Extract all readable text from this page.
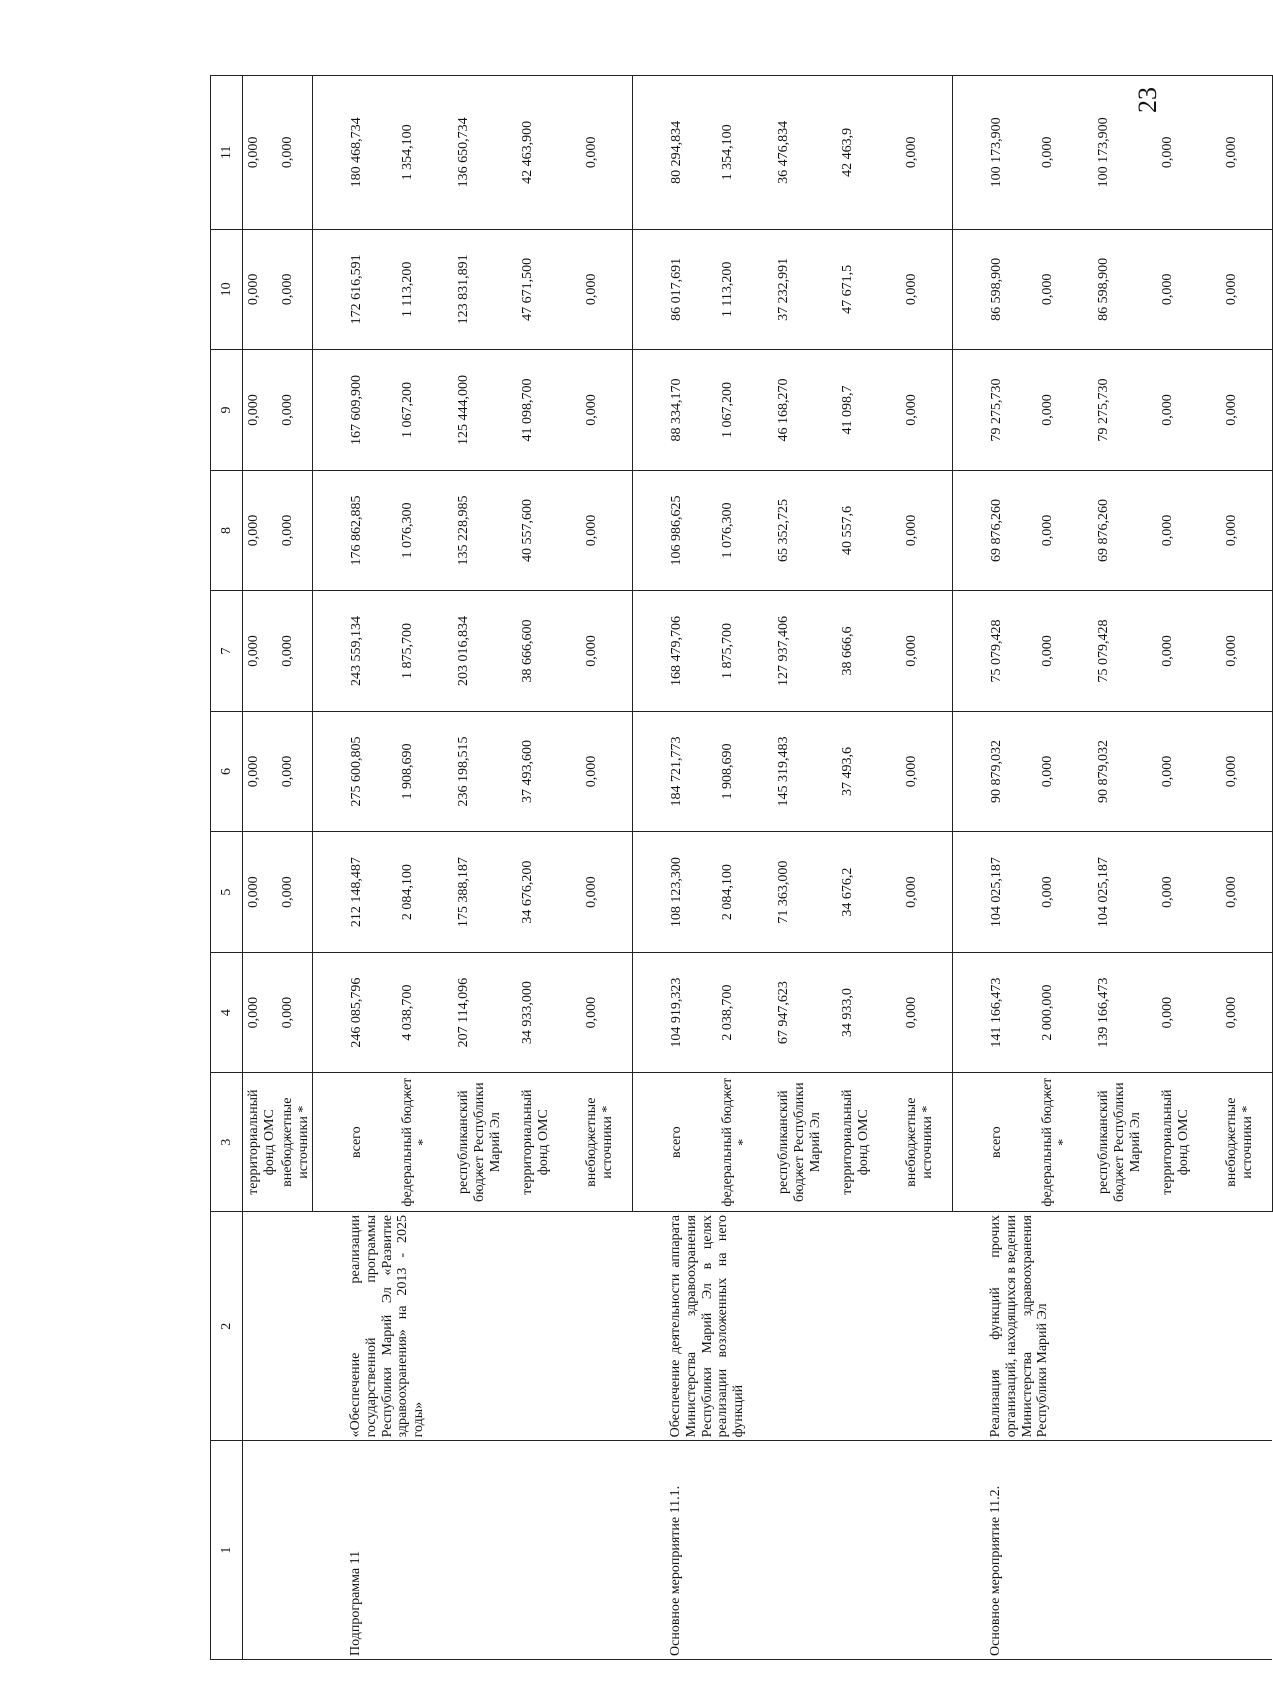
23
1	2	3	4	5	6	7	8	9	10	11
		территориальный фонд ОМС	0,000	0,000	0,000	0,000	0,000	0,000	0,000	0,000
		внебюджетные источники *	0,000	0,000	0,000	0,000	0,000	0,000	0,000	0,000
Подпрограмма 11	«Обеспечение реализации государственной программы Республики Марий Эл «Развитие здравоохранения» на 2013 - 2025 годы»	всего	246 085,796	212 148,487	275 600,805	243 559,134	176 862,885	167 609,900	172 616,591	180 468,734
		федеральный бюджет *	4 038,700	2 084,100	1 908,690	1 875,700	1 076,300	1 067,200	1 113,200	1 354,100
		республиканский бюджет Республики Марий Эл	207 114,096	175 388,187	236 198,515	203 016,834	135 228,985	125 444,000	123 831,891	136 650,734
		территориальный фонд ОМС	34 933,000	34 676,200	37 493,600	38 666,600	40 557,600	41 098,700	47 671,500	42 463,900
		внебюджетные источники *	0,000	0,000	0,000	0,000	0,000	0,000	0,000	0,000
Основное мероприятие 11.1.	Обеспечение деятельности аппарата Министерства здравоохранения Республики Марий Эл в целях реализации возложенных на него функций	всего	104 919,323	108 123,300	184 721,773	168 479,706	106 986,625	88 334,170	86 017,691	80 294,834
		федеральный бюджет *	2 038,700	2 084,100	1 908,690	1 875,700	1 076,300	1 067,200	1 113,200	1 354,100
		республиканский бюджет Республики Марий Эл	67 947,623	71 363,000	145 319,483	127 937,406	65 352,725	46 168,270	37 232,991	36 476,834
		территориальный фонд ОМС	34 933,0	34 676,2	37 493,6	38 666,6	40 557,6	41 098,7	47 671,5	42 463,9
		внебюджетные источники *	0,000	0,000	0,000	0,000	0,000	0,000	0,000	0,000
Основное мероприятие 11.2.	Реализация функций прочих организаций, находящихся в ведении Министерства здравоохранения Республики Марий Эл	всего	141 166,473	104 025,187	90 879,032	75 079,428	69 876,260	79 275,730	86 598,900	100 173,900
		федеральный бюджет *	2 000,000	0,000	0,000	0,000	0,000	0,000	0,000	0,000
		республиканский бюджет Республики Марий Эл	139 166,473	104 025,187	90 879,032	75 079,428	69 876,260	79 275,730	86 598,900	100 173,900
		территориальный фонд ОМС	0,000	0,000	0,000	0,000	0,000	0,000	0,000	0,000
		внебюджетные источники *	0,000	0,000	0,000	0,000	0,000	0,000	0,000	0,000
